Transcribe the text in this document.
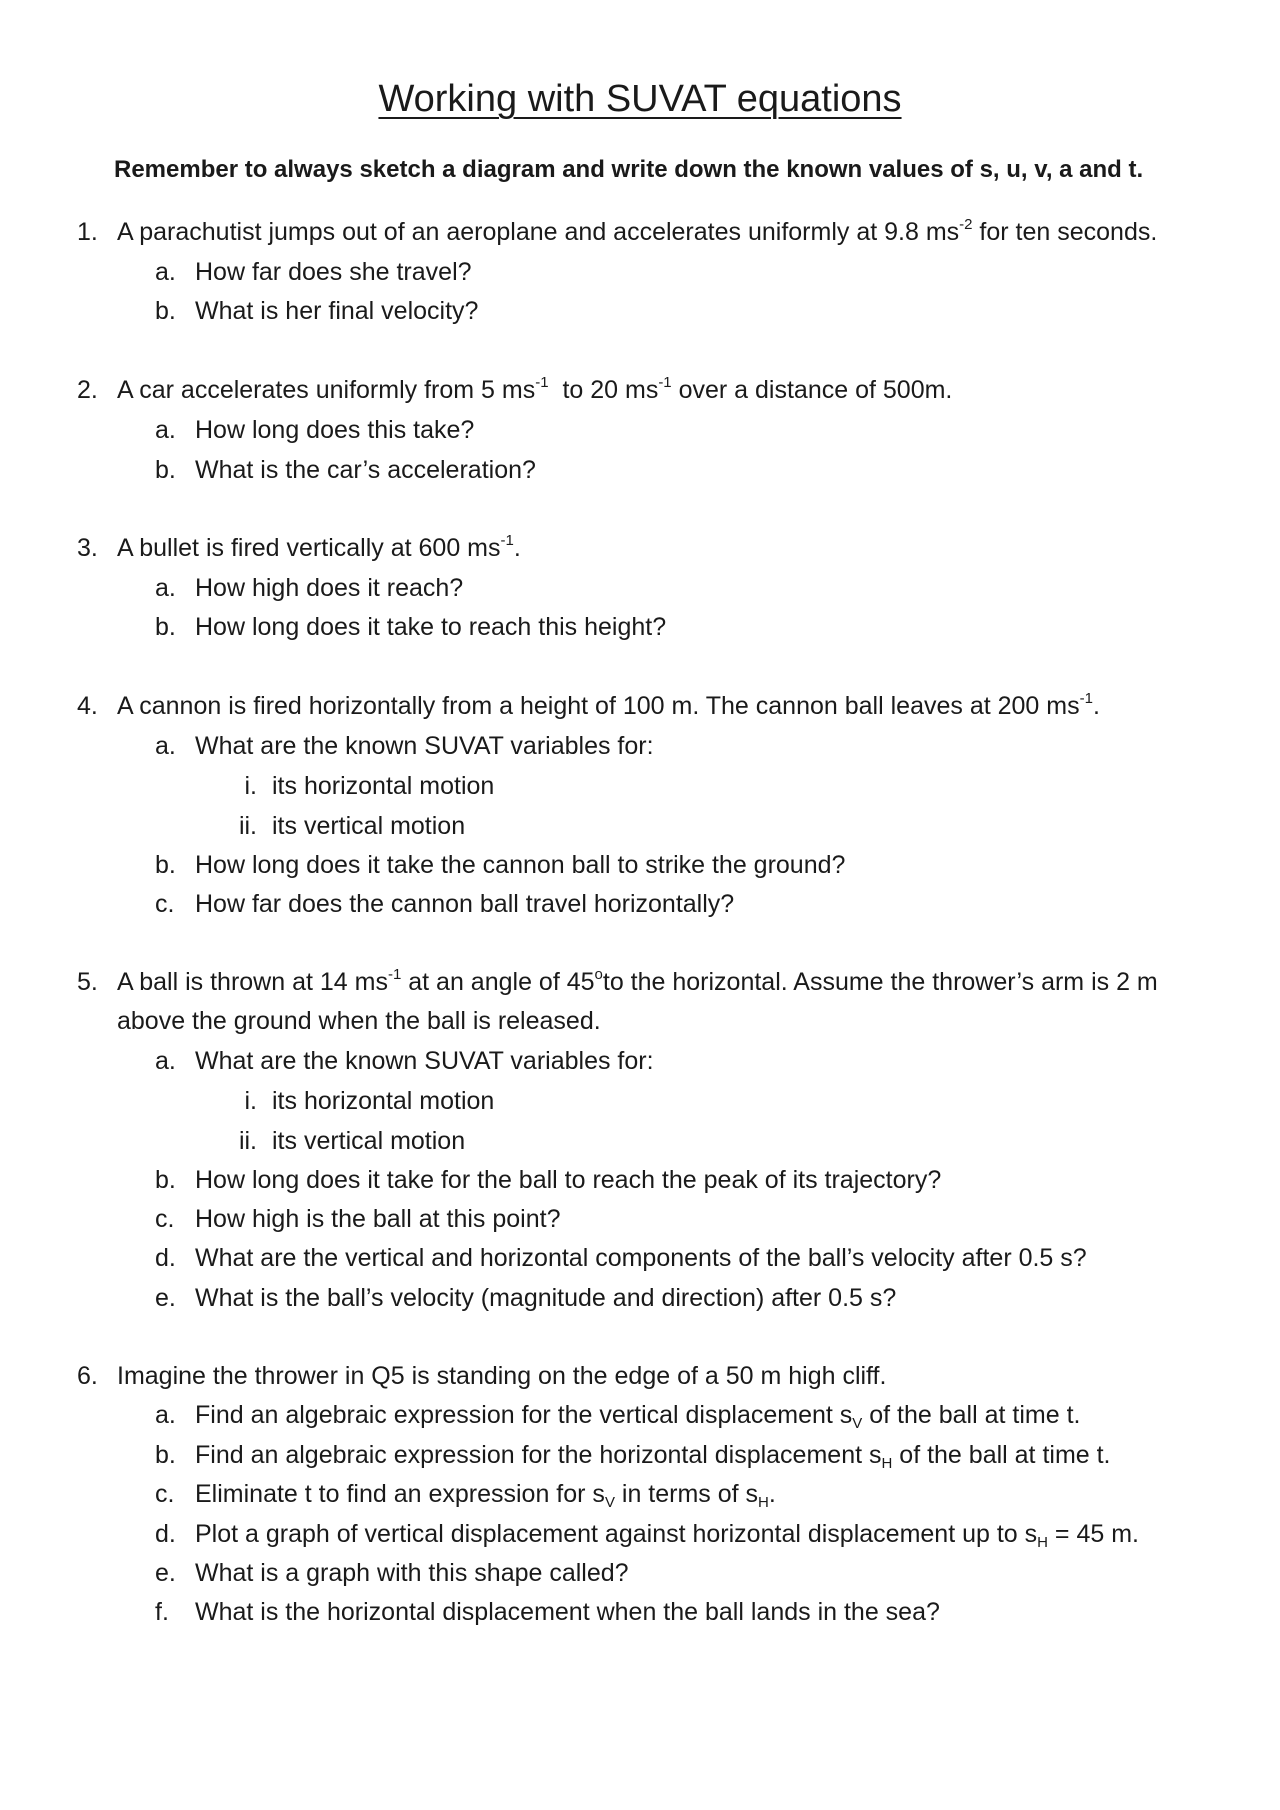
Working with SUVAT equations
Remember to always sketch a diagram and write down the known values of s, u, v, a and t.
1. A parachutist jumps out of an aeroplane and accelerates uniformly at 9.8 $ms^{-2}$ for ten seconds.
a. How far does she travel?
b. What is her final velocity?
2. A car accelerates uniformly from 5 $ms^{-1}$  to 20 $ms^{-1}$ over a distance of 500m.
a. How long does this take?
b. What is the car’s acceleration?
3. A bullet is fired vertically at 600 $ms^{-1}$.
a. How high does it reach?
b. How long does it take to reach this height?
4. A cannon is fired horizontally from a height of 100 m. The cannon ball leaves at 200 $ms^{-1}$.
a. What are the known SUVAT variables for:
i. its horizontal motion
ii. its vertical motion
b. How long does it take the cannon ball to strike the ground?
c. How far does the cannon ball travel horizontally?
5. A ball is thrown at 14 $ms^{-1}$ at an angle of 45$^o$to the horizontal. Assume the thrower’s arm is 2 m
above the ground when the ball is released.
a. What are the known SUVAT variables for:
i. its horizontal motion
ii. its vertical motion
b. How long does it take for the ball to reach the peak of its trajectory?
c. How high is the ball at this point?
d. What are the vertical and horizontal components of the ball’s velocity after 0.5 s?
e. What is the ball’s velocity (magnitude and direction) after 0.5 s?
6. Imagine the thrower in Q5 is standing on the edge of a 50 m high cliff.
a. Find an algebraic expression for the vertical displacement $s_V$ of the ball at time t.
b. Find an algebraic expression for the horizontal displacement $s_H$ of the ball at time t.
c. Eliminate t to find an expression for $s_V$ in terms of $s_H$.
d. Plot a graph of vertical displacement against horizontal displacement up to $s_H = 45$ m.
e. What is a graph with this shape called?
f. What is the horizontal displacement when the ball lands in the sea?
